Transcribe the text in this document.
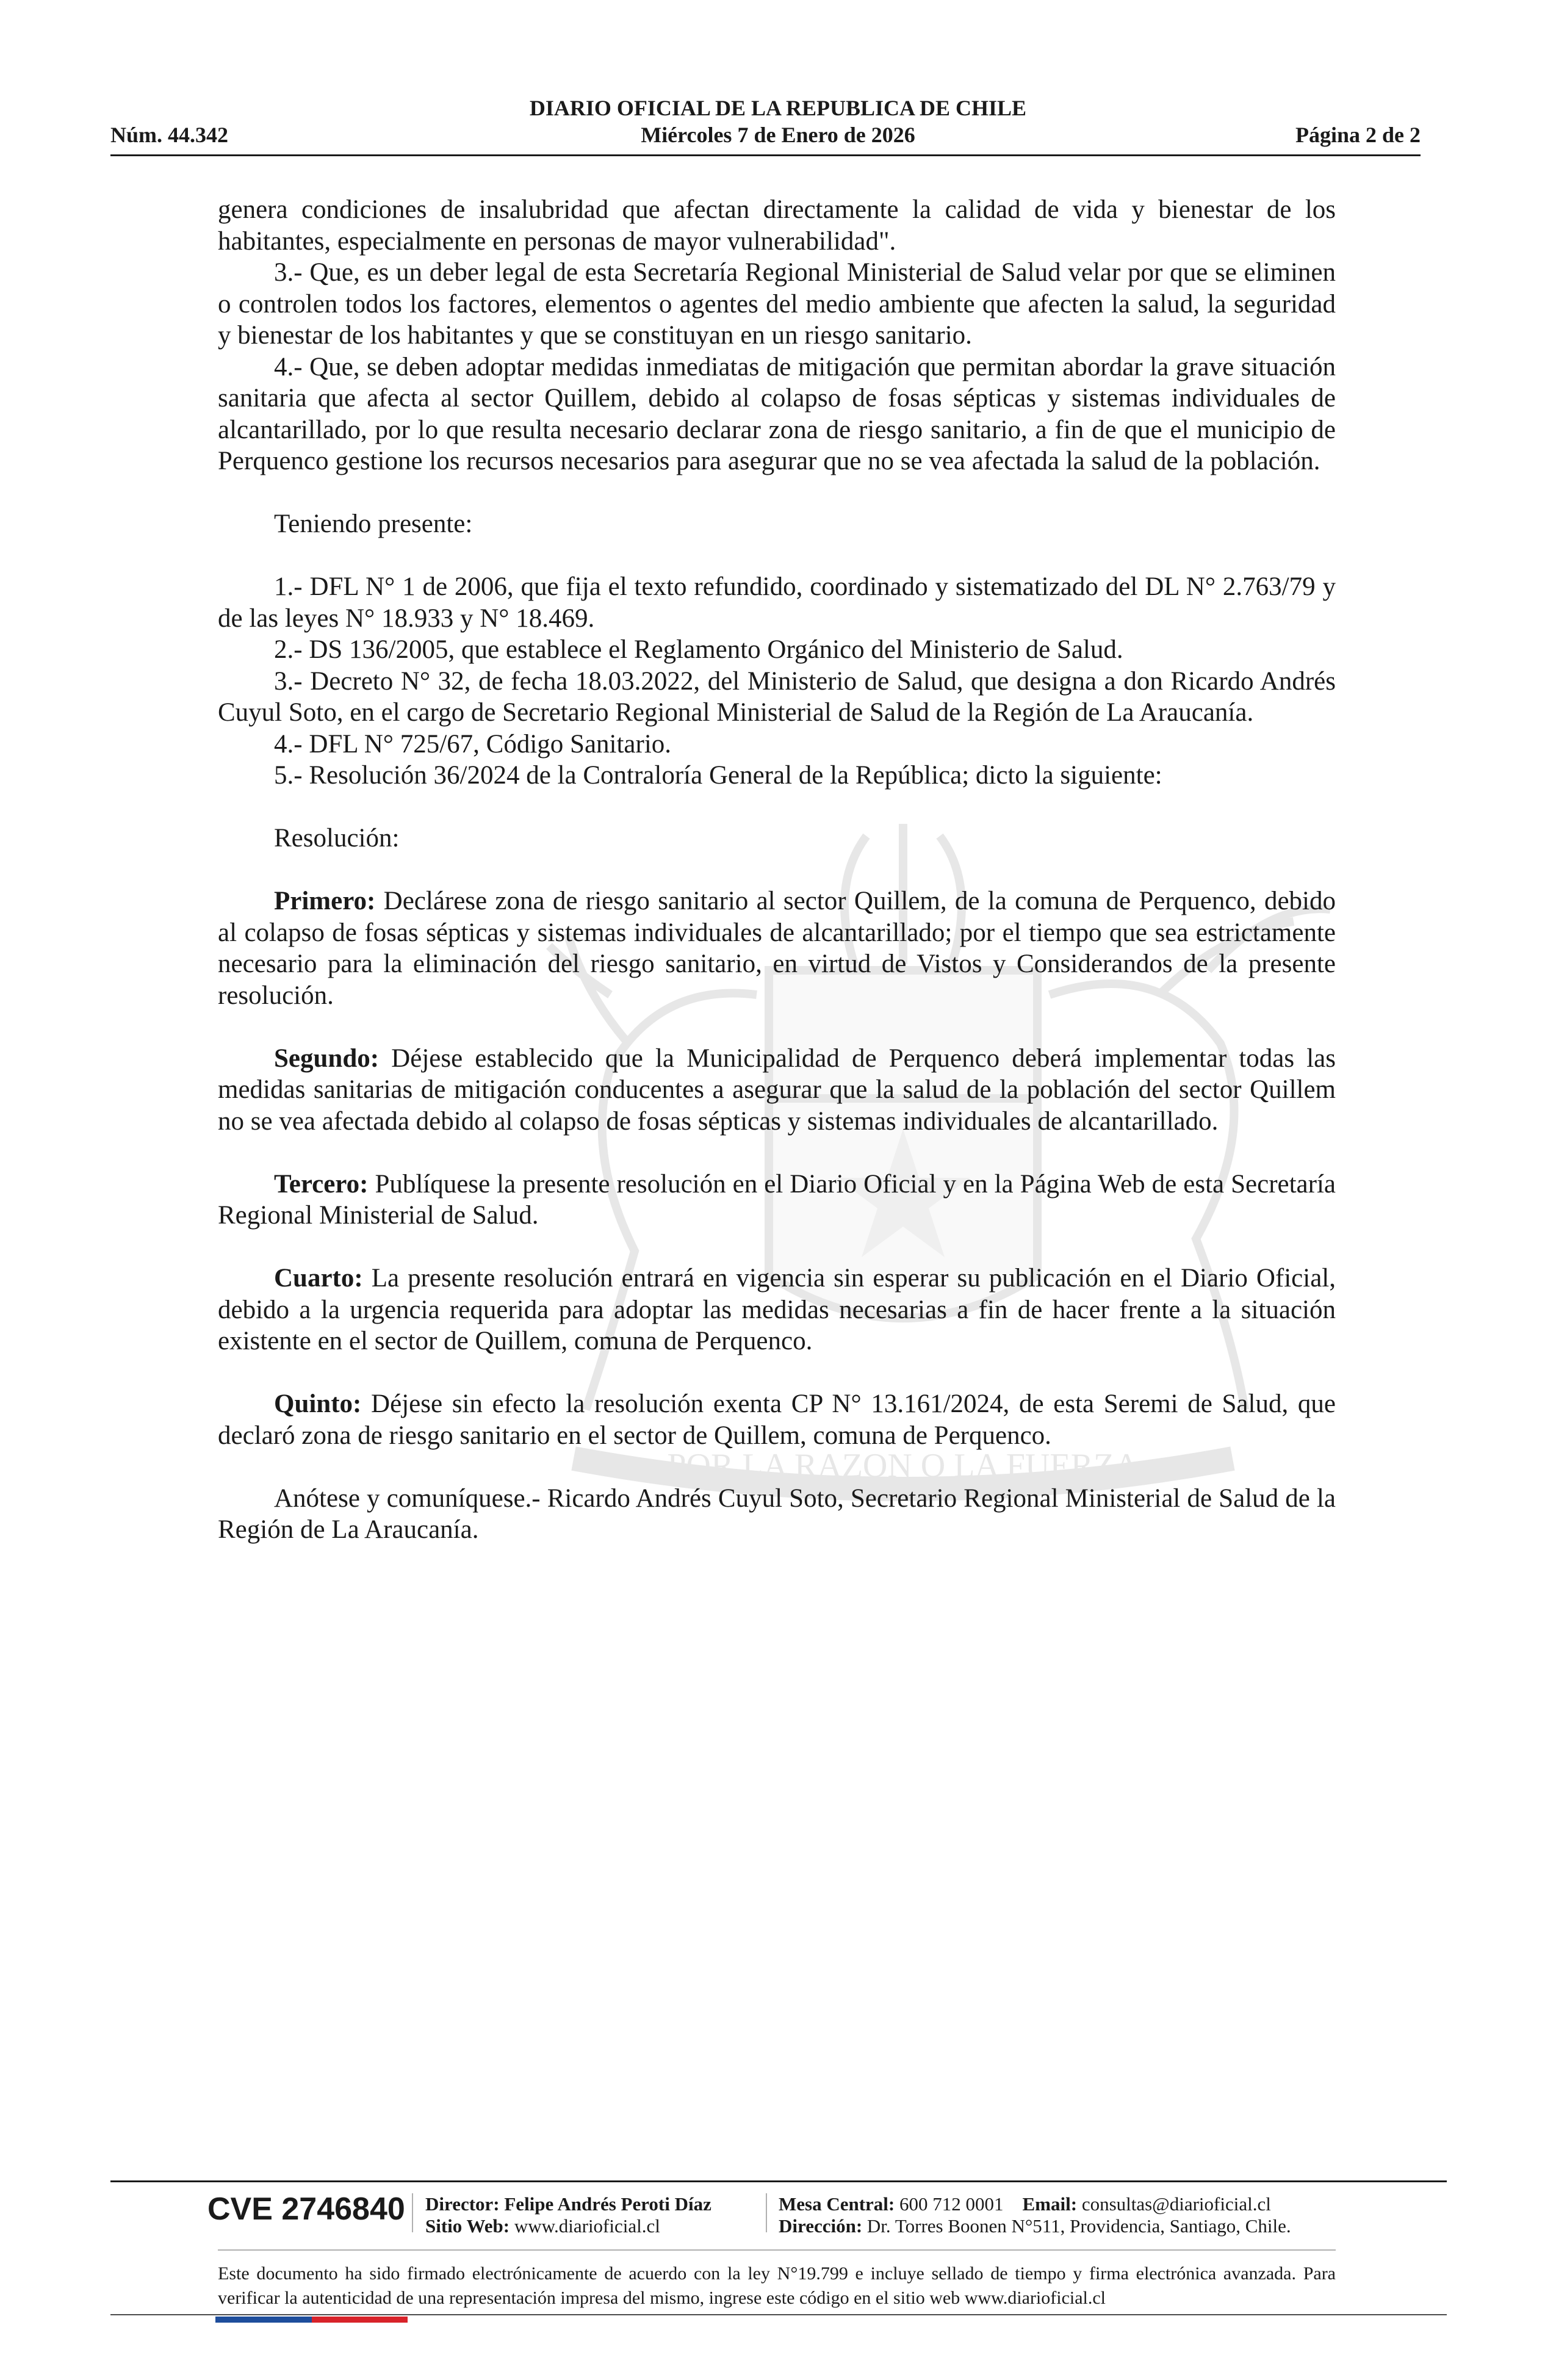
POR LA RAZON O LA FUERZA
DIARIO OFICIAL DE LA REPUBLICA DE CHILE
Núm. 44.342	Miércoles 7 de Enero de 2026	Página 2 de 2

genera condiciones de insalubridad que afectan directamente la calidad de vida y bienestar de los habitantes, especialmente en personas de mayor vulnerabilidad".

3.- Que, es un deber legal de esta Secretaría Regional Ministerial de Salud velar por que se eliminen o controlen todos los factores, elementos o agentes del medio ambiente que afecten la salud, la seguridad y bienestar de los habitantes y que se constituyan en un riesgo sanitario.

4.- Que, se deben adoptar medidas inmediatas de mitigación que permitan abordar la grave situación sanitaria que afecta al sector Quillem, debido al colapso de fosas sépticas y sistemas individuales de alcantarillado, por lo que resulta necesario declarar zona de riesgo sanitario, a fin de que el municipio de Perquenco gestione los recursos necesarios para asegurar que no se vea afectada la salud de la población.

Teniendo presente:

1.- DFL N° 1 de 2006, que fija el texto refundido, coordinado y sistematizado del DL N° 2.763/79 y de las leyes N° 18.933 y N° 18.469.

2.- DS 136/2005, que establece el Reglamento Orgánico del Ministerio de Salud.

3.- Decreto N° 32, de fecha 18.03.2022, del Ministerio de Salud, que designa a don Ricardo Andrés Cuyul Soto, en el cargo de Secretario Regional Ministerial de Salud de la Región de La Araucanía.

4.- DFL N° 725/67, Código Sanitario.

5.- Resolución 36/2024 de la Contraloría General de la República; dicto la siguiente:

Resolución:

Primero: Declárese zona de riesgo sanitario al sector Quillem, de la comuna de Perquenco, debido al colapso de fosas sépticas y sistemas individuales de alcantarillado; por el tiempo que sea estrictamente necesario para la eliminación del riesgo sanitario, en virtud de Vistos y Considerandos de la presente resolución.

Segundo: Déjese establecido que la Municipalidad de Perquenco deberá implementar todas las medidas sanitarias de mitigación conducentes a asegurar que la salud de la población del sector Quillem no se vea afectada debido al colapso de fosas sépticas y sistemas individuales de alcantarillado.

Tercero: Publíquese la presente resolución en el Diario Oficial y en la Página Web de esta Secretaría Regional Ministerial de Salud.

Cuarto: La presente resolución entrará en vigencia sin esperar su publicación en el Diario Oficial, debido a la urgencia requerida para adoptar las medidas necesarias a fin de hacer frente a la situación existente en el sector de Quillem, comuna de Perquenco.

Quinto: Déjese sin efecto la resolución exenta CP N° 13.161/2024, de esta Seremi de Salud, que declaró zona de riesgo sanitario en el sector de Quillem, comuna de Perquenco.

Anótese y comuníquese.- Ricardo Andrés Cuyul Soto, Secretario Regional Ministerial de Salud de la Región de La Araucanía.

CVE 2746840 Director: Felipe Andrés Peroti Díaz
Sitio Web: www.diarioficial.cl
Mesa Central: 600 712 0001 Email: consultas@diarioficial.cl
Dirección: Dr. Torres Boonen N°511, Providencia, Santiago, Chile.
Este documento ha sido firmado electrónicamente de acuerdo con la ley N°19.799 e incluye sellado de tiempo y firma electrónica avanzada. Para verificar la autenticidad de una representación impresa del mismo, ingrese este código en el sitio web www.diarioficial.cl
